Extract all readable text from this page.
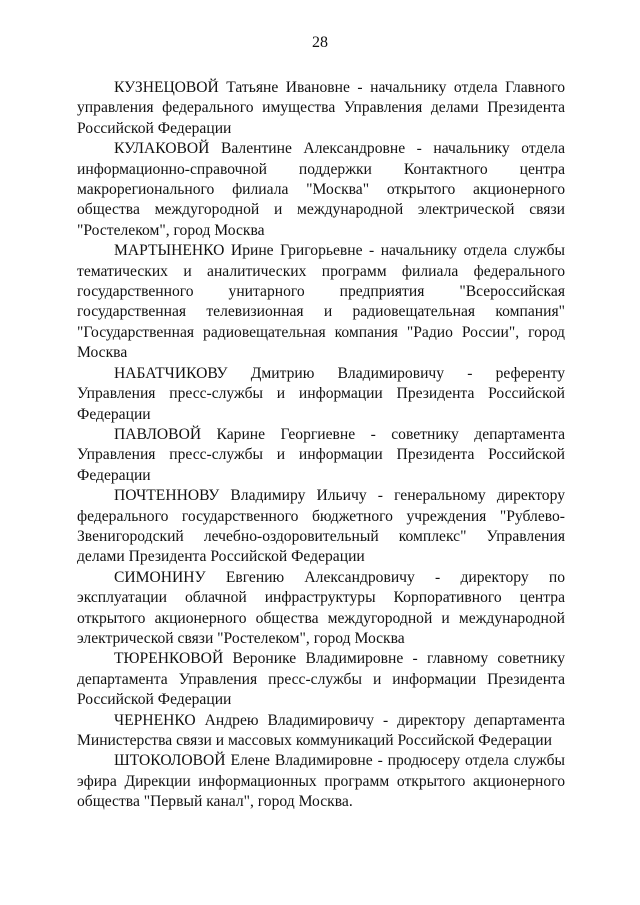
28

КУЗНЕЦОВОЙ Татьяне Ивановне - начальнику отдела Главного управления федерального имущества Управления делами Президента Российской Федерации

КУЛАКОВОЙ Валентине Александровне - начальнику отдела информационно-справочной поддержки Контактного центра макрорегионального филиала "Москва" открытого акционерного общества междугородной и международной электрической связи "Ростелеком", город Москва

МАРТЫНЕНКО Ирине Григорьевне - начальнику отдела службы тематических и аналитических программ филиала федерального государственного унитарного предприятия "Всероссийская государственная телевизионная и радиовещательная компания" "Государственная радиовещательная компания "Радио России", город Москва

НАБАТЧИКОВУ Дмитрию Владимировичу - референту Управления пресс-службы и информации Президента Российской Федерации

ПАВЛОВОЙ Карине Георгиевне - советнику департамента Управления пресс-службы и информации Президента Российской Федерации

ПОЧТЕННОВУ Владимиру Ильичу - генеральному директору федерального государственного бюджетного учреждения "Рублево-Звенигородский лечебно-оздоровительный комплекс" Управления делами Президента Российской Федерации

СИМОНИНУ Евгению Александровичу - директору по эксплуатации облачной инфраструктуры Корпоративного центра открытого акционерного общества междугородной и международной электрической связи "Ростелеком", город Москва

ТЮРЕНКОВОЙ Веронике Владимировне - главному советнику департамента Управления пресс-службы и информации Президента Российской Федерации

ЧЕРНЕНКО Андрею Владимировичу - директору департамента Министерства связи и массовых коммуникаций Российской Федерации

ШТОКОЛОВОЙ Елене Владимировне - продюсеру отдела службы эфира Дирекции информационных программ открытого акционерного общества "Первый канал", город Москва.
